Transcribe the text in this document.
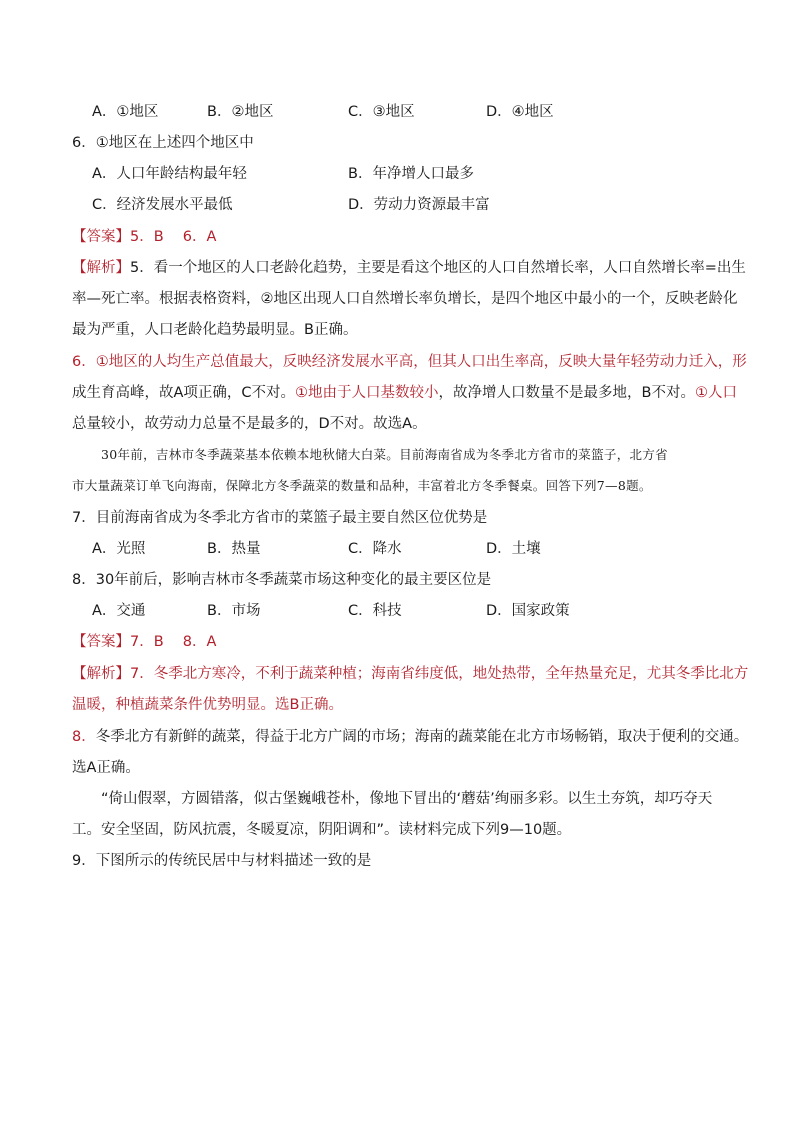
A．①地区	B．②地区	C．③地区	D．④地区
6．①地区在上述四个地区中
A．人口年龄结构最年轻	B．年净增人口最多
C．经济发展水平最低	D．劳动力资源最丰富
【答案】5．B　 6．A
【解析】5．看一个地区的人口老龄化趋势，主要是看这个地区的人口自然增长率，人口自然增长率=出生
率—死亡率。根据表格资料，②地区出现人口自然增长率负增长，是四个地区中最小的一个，反映老龄化
最为严重，人口老龄化趋势最明显。B正确。
6．①地区的人均生产总值最大，反映经济发展水平高，但其人口出生率高，反映大量年轻劳动力迁入，形
成生育高峰，故A项正确，C不对。①地由于人口基数较小，故净增人口数量不是最多地，B不对。①人口
总量较小，故劳动力总量不是最多的，D不对。故选A。
30年前，吉林市冬季蔬菜基本依赖本地秋储大白菜。目前海南省成为冬季北方省市的菜篮子，北方省
市大量蔬菜订单飞向海南，保障北方冬季蔬菜的数量和品种，丰富着北方冬季餐桌。回答下列7—8题。
7．目前海南省成为冬季北方省市的菜篮子最主要自然区位优势是
A．光照	B．热量	C．降水	D．土壤
8．30年前后，影响吉林市冬季蔬菜市场这种变化的最主要区位是
A．交通	B．市场	C．科技	D．国家政策
【答案】7．B　 8．A
【解析】7．冬季北方寒冷，不利于蔬菜种植；海南省纬度低，地处热带，全年热量充足，尤其冬季比北方
温暖，种植蔬菜条件优势明显。选B正确。
8．冬季北方有新鲜的蔬菜，得益于北方广阔的市场；海南的蔬菜能在北方市场畅销，取决于便利的交通。
选A正确。
“倚山假翠，方圆错落，似古堡巍峨苍朴，像地下冒出的‘蘑菇’绚丽多彩。以生土夯筑，却巧夺天
工。安全坚固，防风抗震，冬暖夏凉，阴阳调和”。读材料完成下列9—10题。
9．下图所示的传统民居中与材料描述一致的是
